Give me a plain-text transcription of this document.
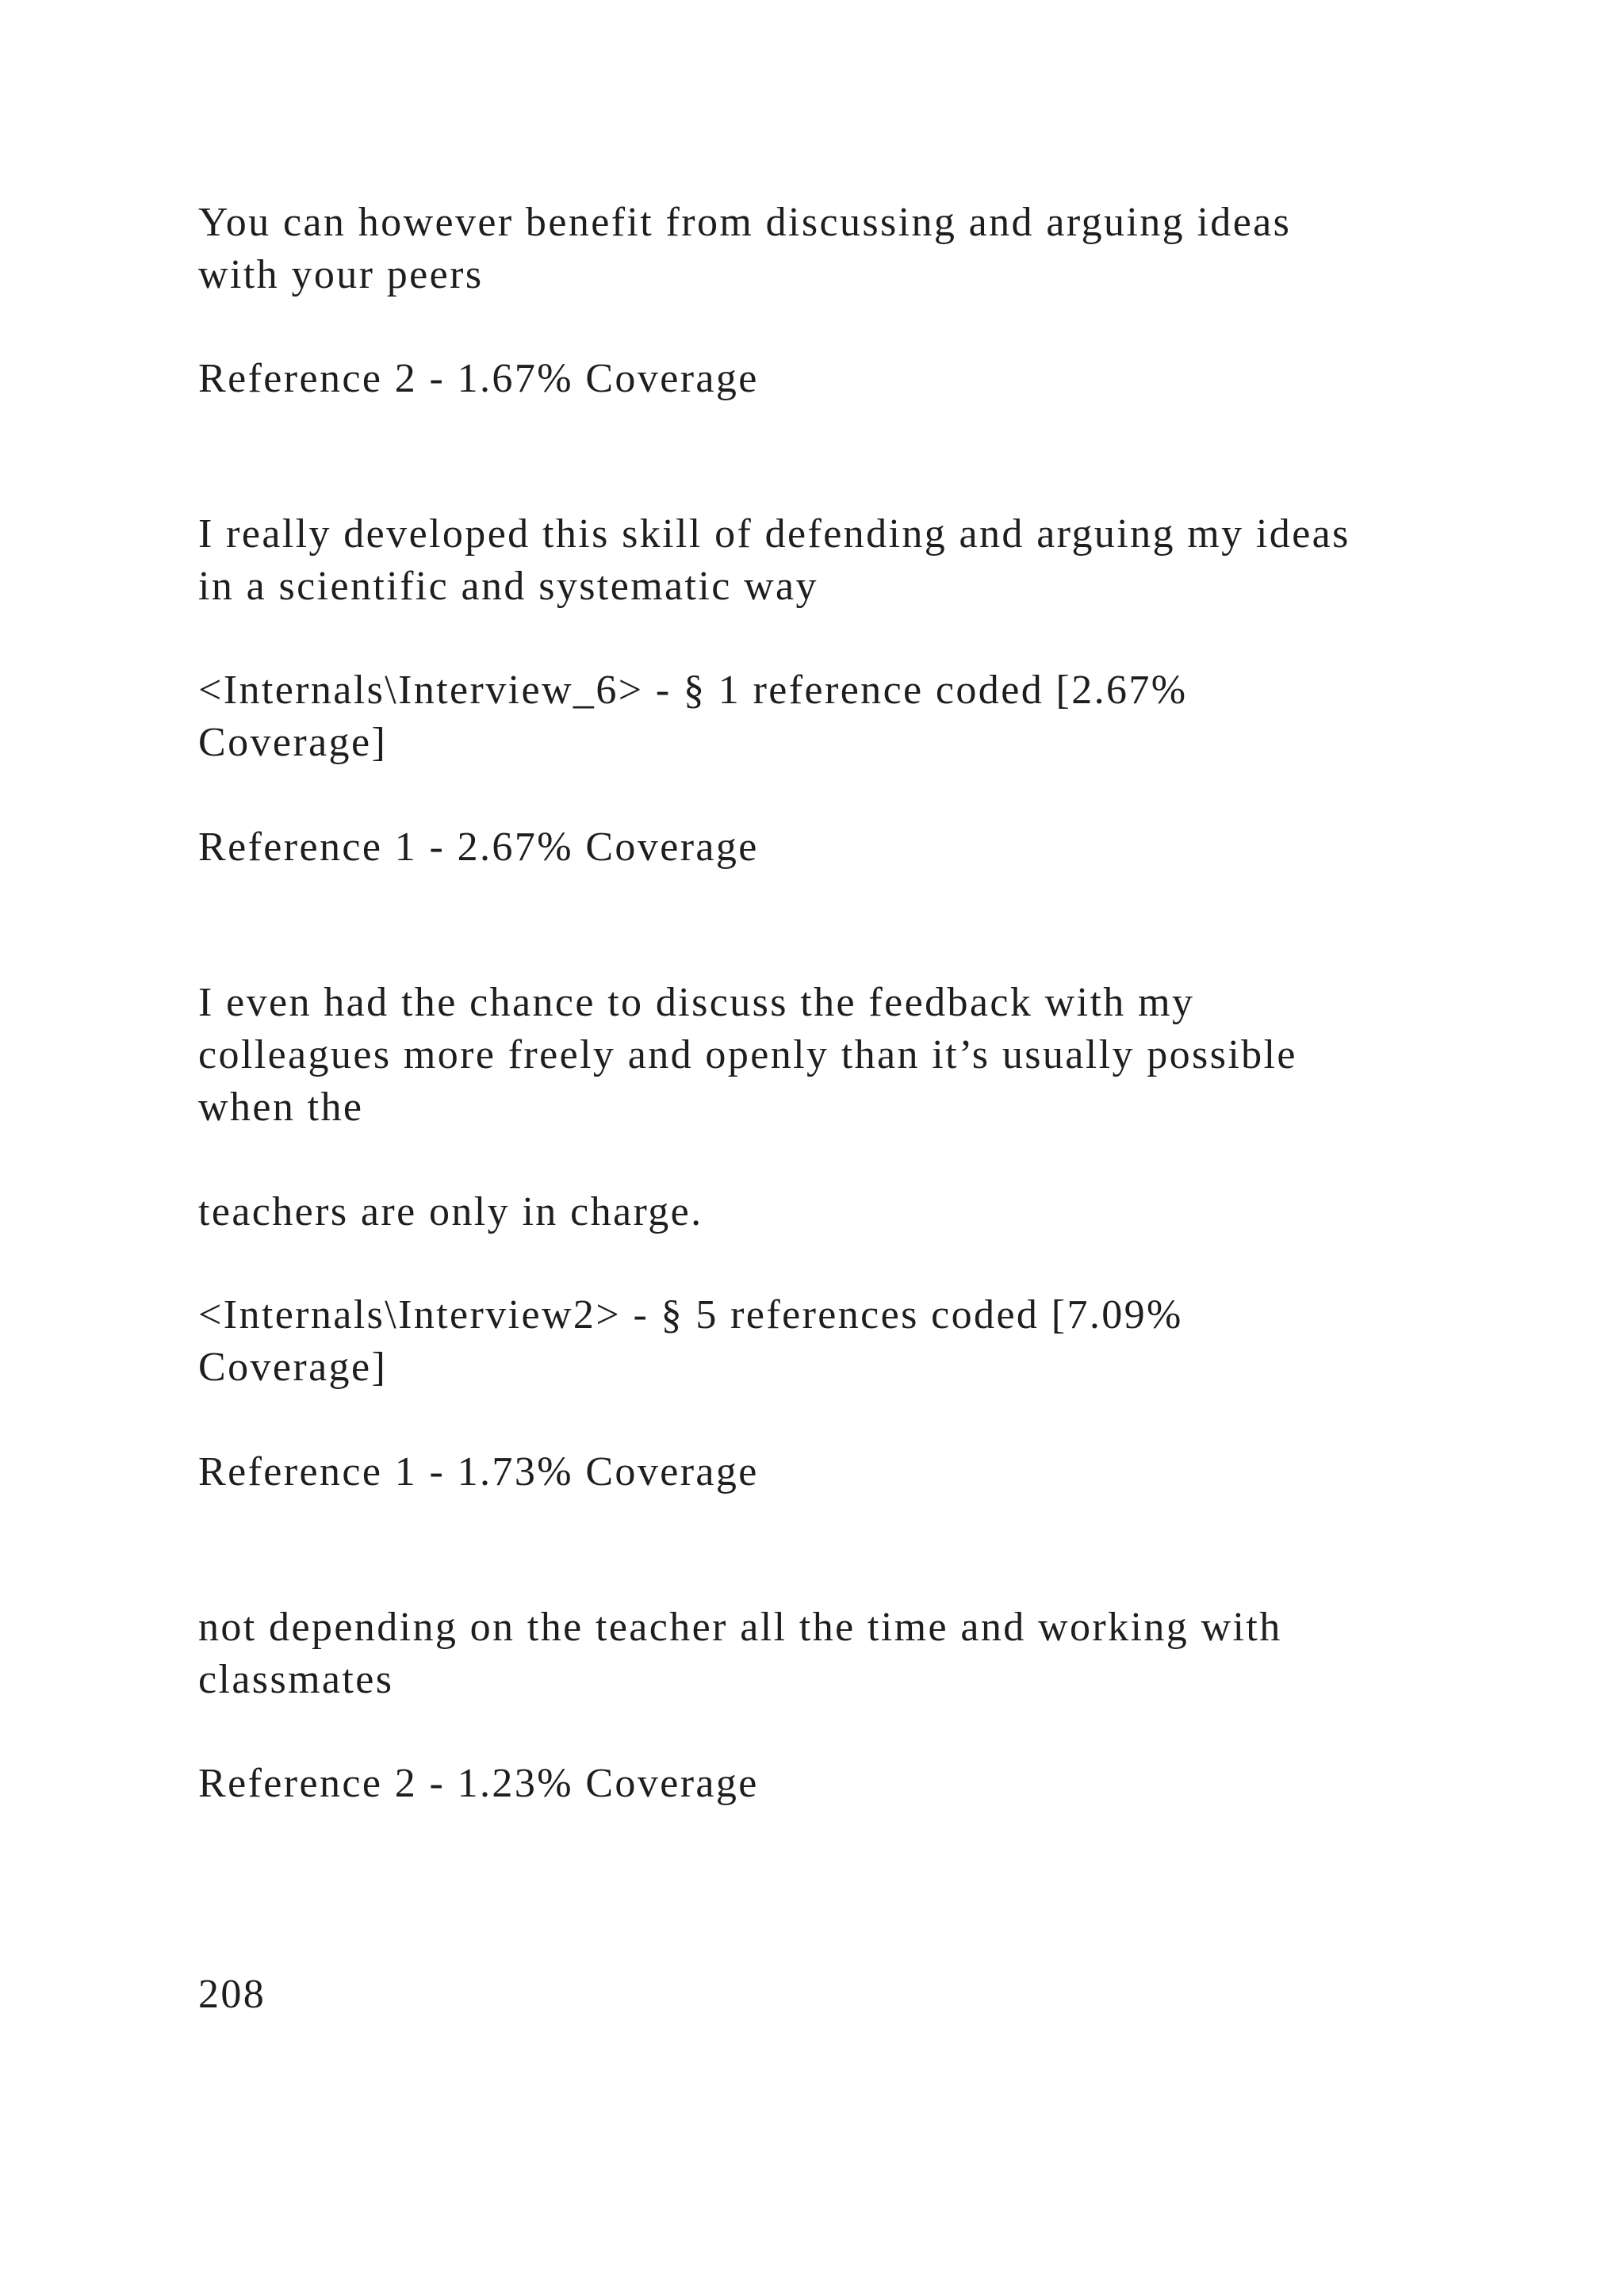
You can however benefit from discussing and arguing ideas

with your peers

Reference 2 - 1.67% Coverage

I really developed this skill of defending and arguing my ideas

in a scientific and systematic way

<Internals\Interview_6> - § 1 reference coded [2.67%

Coverage]

Reference 1 - 2.67% Coverage

I even had the chance to discuss the feedback with my

colleagues more freely and openly than it’s usually possible

when the

teachers are only in charge.

<Internals\Interview2> - § 5 references coded [7.09%

Coverage]

Reference 1 - 1.73% Coverage

not depending on the teacher all the time and working with

classmates

Reference 2 - 1.23% Coverage

208
